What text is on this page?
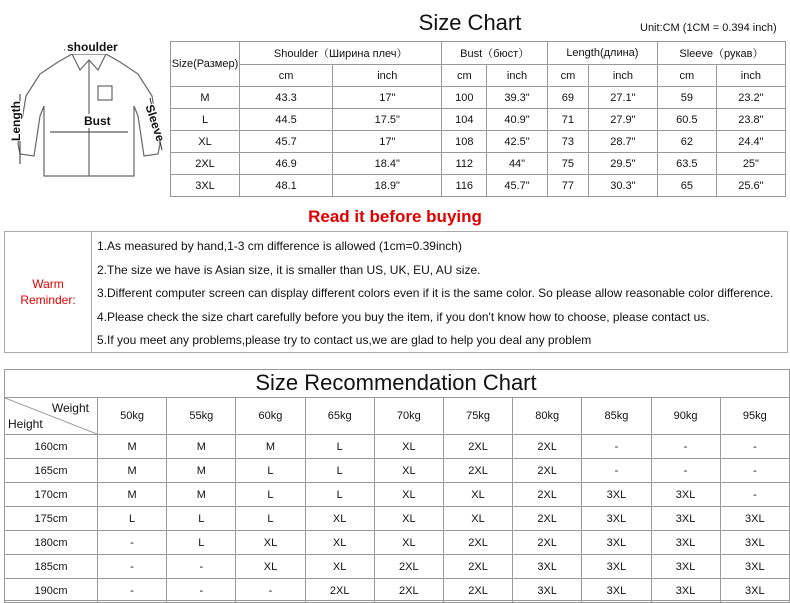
shoulder
Length	Bust	Sleeve
Size Chart	Unit:CM (1CM = 0.394 inch)
Size(Размер)	Shoulder（Ширина плеч）		Bust（бюст）		Length(длина)		Sleeve（рукав）	
	cm	inch	cm	inch	cm	inch	cm	inch
M	43.3	17"	100	39.3"	69	27.1"	59	23.2"
L	44.5	17.5"	104	40.9"	71	27.9"	60.5	23.8"
XL	45.7	17"	108	42.5"	73	28.7"	62	24.4"
2XL	46.9	18.4"	112	44"	75	29.5"	63.5	25"
3XL	48.1	18.9"	116	45.7"	77	30.3"	65	25.6"
Read it before buying
Warm
Reminder:
1.As measured by hand,1-3 cm difference is allowed (1cm=0.39inch)
2.The size we have is Asian size, it is smaller than US, UK, EU, AU size.
3.Different computer screen can display different colors even if it is the same color. So please allow reasonable color difference.
4.Please check the size chart carefully before you buy the item, if you don't know how to choose, please contact us.
5.If you meet any problems,please try to contact us,we are glad to help you deal any problem
Size Recommendation Chart
Weight
Height	50kg	55kg	60kg	65kg	70kg	75kg	80kg	85kg	90kg	95kg
160cm	M	M	M	L	XL	2XL	2XL	-	-	-
165cm	M	M	L	L	XL	2XL	2XL	-	-	-
170cm	M	M	L	L	XL	XL	2XL	3XL	3XL	-
175cm	L	L	L	XL	XL	XL	2XL	3XL	3XL	3XL
180cm	-	L	XL	XL	XL	2XL	2XL	3XL	3XL	3XL
185cm	-	-	XL	XL	2XL	2XL	3XL	3XL	3XL	3XL
190cm	-	-	-	2XL	2XL	2XL	3XL	3XL	3XL	3XL
